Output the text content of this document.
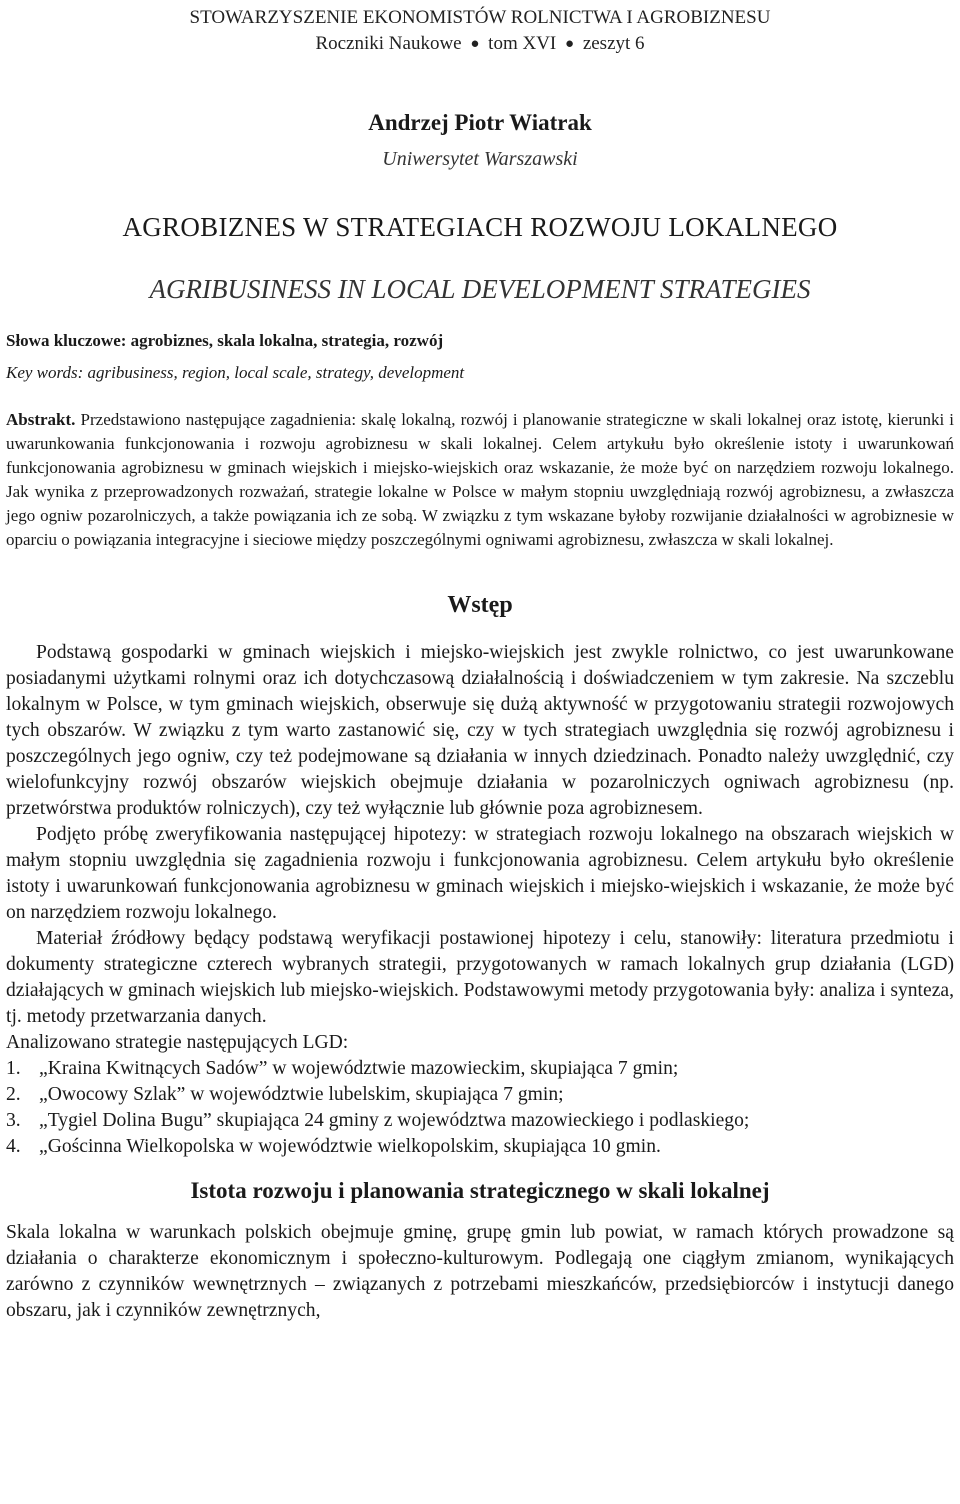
STOWARZYSZENIE EKONOMISTÓW ROLNICTWA I AGROBIZNESU
Roczniki Naukowe ● tom XVI ● zeszyt 6
Andrzej Piotr Wiatrak
Uniwersytet Warszawski
AGROBIZNES W STRATEGIACH ROZWOJU LOKALNEGO
AGRIBUSINESS IN LOCAL DEVELOPMENT STRATEGIES
Słowa kluczowe: agrobiznes, skala lokalna, strategia, rozwój
Key words: agribusiness, region, local scale, strategy, development
Abstrakt. Przedstawiono następujące zagadnienia: skalę lokalną, rozwój i planowanie strategiczne w skali lokalnej oraz istotę, kierunki i uwarunkowania funkcjonowania i rozwoju agrobiznesu w skali lokalnej. Celem artykułu było określenie istoty i uwarunkowań funkcjonowania agrobiznesu w gminach wiejskich i miejsko-wiejskich oraz wskazanie, że może być on narzędziem rozwoju lokalnego. Jak wynika z przeprowadzonych rozważań, strategie lokalne w Polsce w małym stopniu uwzględniają rozwój agrobiznesu, a zwłaszcza jego ogniw pozarolniczych, a także powiązania ich ze sobą. W związku z tym wskazane byłoby rozwijanie działalności w agrobiznesie w oparciu o powiązania integracyjne i sieciowe między poszczególnymi ogniwami agrobiznesu, zwłaszcza w skali lokalnej.
Wstęp

Podstawą gospodarki w gminach wiejskich i miejsko-wiejskich jest zwykle rolnictwo, co jest uwarunkowane posiadanymi użytkami rolnymi oraz ich dotychczasową działalnością i doświadczeniem w tym zakresie. Na szczeblu lokalnym w Polsce, w tym gminach wiejskich, obserwuje się dużą aktywność w przygotowaniu strategii rozwojowych tych obszarów. W związku z tym warto zastanowić się, czy w tych strategiach uwzględnia się rozwój agrobiznesu i poszczególnych jego ogniw, czy też podejmowane są działania w innych dziedzinach. Ponadto należy uwzględnić, czy wielofunkcyjny rozwój obszarów wiejskich obejmuje działania w pozarolniczych ogniwach agrobiznesu (np. przetwórstwa produktów rolniczych), czy też wyłącznie lub głównie poza agrobiznesem.

Podjęto próbę zweryfikowania następującej hipotezy: w strategiach rozwoju lokalnego na obszarach wiejskich w małym stopniu uwzględnia się zagadnienia rozwoju i funkcjonowania agrobiznesu. Celem artykułu było określenie istoty i uwarunkowań funkcjonowania agrobiznesu w gminach wiejskich i miejsko-wiejskich i wskazanie, że może być on narzędziem rozwoju lokalnego.

Materiał źródłowy będący podstawą weryfikacji postawionej hipotezy i celu, stanowiły: literatura przedmiotu i dokumenty strategiczne czterech wybranych strategii, przygotowanych w ramach lokalnych grup działania (LGD) działających w gminach wiejskich lub miejsko-wiejskich. Podstawowymi metody przygotowania były: analiza i synteza, tj. metody przetwarzania danych.

Analizowano strategie następujących LGD:

1. „Kraina Kwitnących Sadów” w województwie mazowieckim, skupiająca 7 gmin;
2. „Owocowy Szlak” w województwie lubelskim, skupiająca 7 gmin;
3. „Tygiel Dolina Bugu” skupiająca 24 gminy z województwa mazowieckiego i podlaskiego;
4. „Gościnna Wielkopolska w województwie wielkopolskim, skupiająca 10 gmin.
Istota rozwoju i planowania strategicznego w skali lokalnej

Skala lokalna w warunkach polskich obejmuje gminę, grupę gmin lub powiat, w ramach których prowadzone są działania o charakterze ekonomicznym i społeczno-kulturowym. Podlegają one ciągłym zmianom, wynikających zarówno z czynników wewnętrznych – związanych z potrzebami mieszkańców, przedsiębiorców i instytucji danego obszaru, jak i czynników zewnętrznych,
